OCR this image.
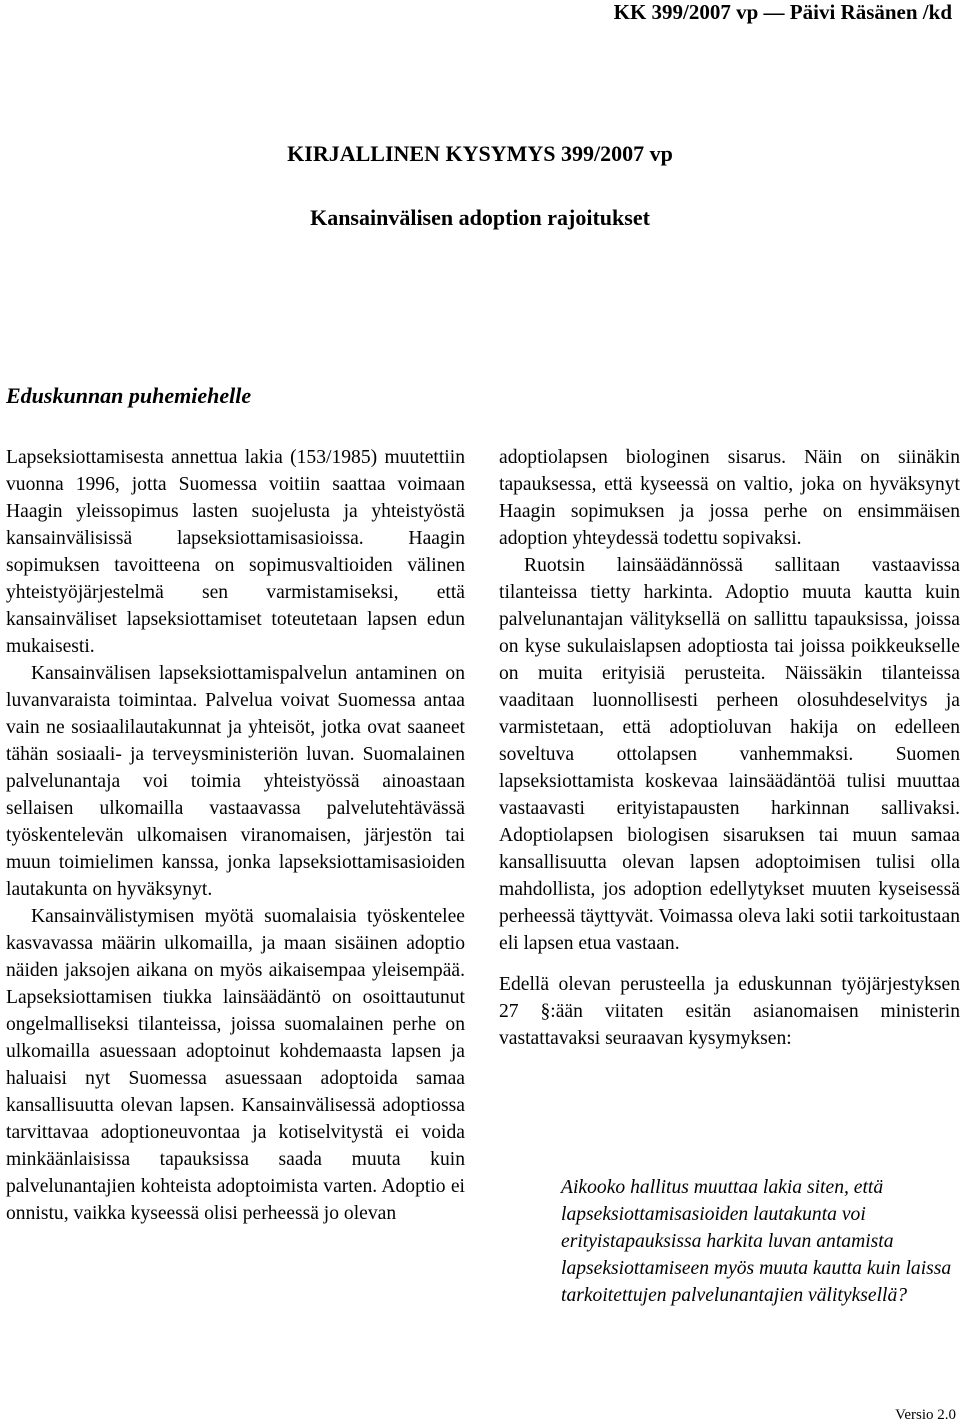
KK 399/2007 vp — Päivi Räsänen /kd
KIRJALLINEN KYSYMYS 399/2007 vp
Kansainvälisen adoption rajoitukset
Eduskunnan puhemiehelle

Lapseksiottamisesta annettua lakia (153/1985) muutettiin vuonna 1996, jotta Suomessa voitiin saattaa voimaan Haagin yleissopimus lasten suojelusta ja yhteistyöstä kansainvälisissä lapseksiottamisasioissa. Haagin sopimuksen tavoitteena on sopimusvaltioiden välinen yhteistyöjärjestelmä sen varmistamiseksi, että kansainväliset lapseksiottamiset toteutetaan lapsen edun mukaisesti.

Kansainvälisen lapseksiottamispalvelun antaminen on luvanvaraista toimintaa. Palvelua voivat Suomessa antaa vain ne sosiaalilautakunnat ja yhteisöt, jotka ovat saaneet tähän sosiaali- ja terveysministeriön luvan. Suomalainen palvelunantaja voi toimia yhteistyössä ainoastaan sellaisen ulkomailla vastaavassa palvelutehtävässä työskentelevän ulkomaisen viranomaisen, järjestön tai muun toimielimen kanssa, jonka lapseksiottamisasioiden lautakunta on hyväksynyt.

Kansainvälistymisen myötä suomalaisia työskentelee kasvavassa määrin ulkomailla, ja maan sisäinen adoptio näiden jaksojen aikana on myös aikaisempaa yleisempää. Lapseksiottamisen tiukka lainsäädäntö on osoittautunut ongelmalliseksi tilanteissa, joissa suomalainen perhe on ulkomailla asuessaan adoptoinut kohdemaasta lapsen ja haluaisi nyt Suomessa asuessaan adoptoida samaa kansallisuutta olevan lapsen. Kansainvälisessä adoptiossa tarvittavaa adoptioneuvontaa ja kotiselvitystä ei voida minkäänlaisissa tapauksissa saada muuta kuin palvelunantajien kohteista adoptoimista varten. Adoptio ei onnistu, vaikka kyseessä olisi perheessä jo olevan

adoptiolapsen biologinen sisarus. Näin on siinäkin tapauksessa, että kyseessä on valtio, joka on hyväksynyt Haagin sopimuksen ja jossa perhe on ensimmäisen adoption yhteydessä todettu sopivaksi.

Ruotsin lainsäädännössä sallitaan vastaavissa tilanteissa tietty harkinta. Adoptio muuta kautta kuin palvelunantajan välityksellä on sallittu tapauksissa, joissa on kyse sukulaislapsen adoptiosta tai joissa poikkeukselle on muita erityisiä perusteita. Näissäkin tilanteissa vaaditaan luonnollisesti perheen olosuhdeselvitys ja varmistetaan, että adoptioluvan hakija on edelleen soveltuva ottolapsen vanhemmaksi. Suomen lapseksiottamista koskevaa lainsäädäntöä tulisi muuttaa vastaavasti erityistapausten harkinnan sallivaksi. Adoptiolapsen biologisen sisaruksen tai muun samaa kansallisuutta olevan lapsen adoptoimisen tulisi olla mahdollista, jos adoption edellytykset muuten kyseisessä perheessä täyttyvät. Voimassa oleva laki sotii tarkoitustaan eli lapsen etua vastaan.

Edellä olevan perusteella ja eduskunnan työjärjestyksen 27 §:ään viitaten esitän asianomaisen ministerin vastattavaksi seuraavan kysymyksen:

Aikooko hallitus muuttaa lakia siten, että lapseksiottamisasioiden lautakunta voi erityistapauksissa harkita luvan antamista lapseksiottamiseen myös muuta kautta kuin laissa tarkoitettujen palvelunantajien välityksellä?

Versio 2.0
